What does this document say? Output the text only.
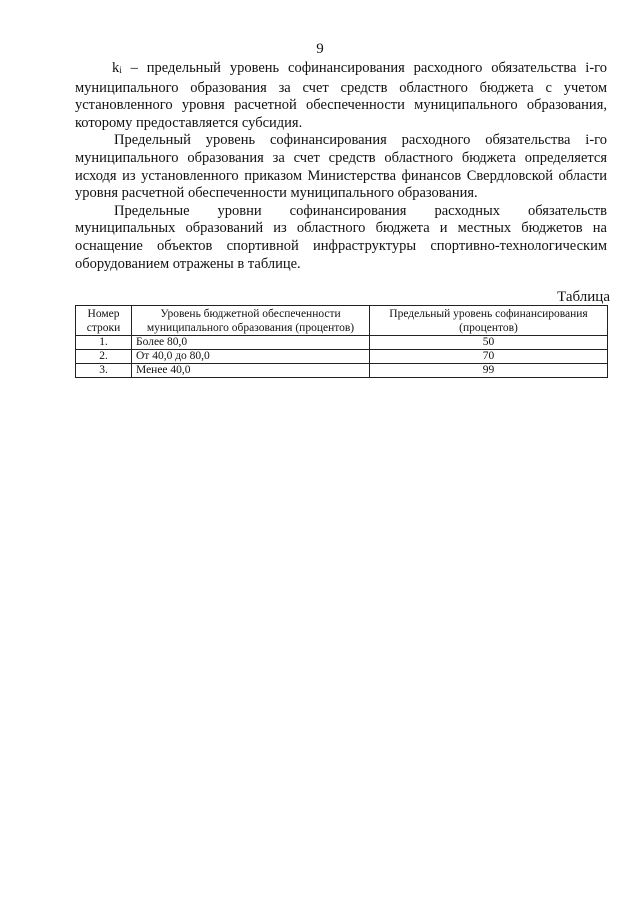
9

$k_i$ – предельный уровень софинансирования расходного обязательства i-го муниципального образования за счет средств областного бюджета с учетом установленного уровня расчетной обеспеченности муниципального образования, которому предоставляется субсидия.

Предельный уровень софинансирования расходного обязательства i-го муниципального образования за счет средств областного бюджета определяется исходя из установленного приказом Министерства финансов Свердловской области уровня расчетной обеспеченности муниципального образования.

Предельные уровни софинансирования расходных обязательств муниципальных образований из областного бюджета и местных бюджетов на оснащение объектов спортивной инфраструктуры спортивно-технологическим оборудованием отражены в таблице.

Таблица
Номер строки	Уровень бюджетной обеспеченности муниципального образования (процентов)	Предельный уровень софинансирования (процентов)
1.	Более 80,0	50
2.	От 40,0 до 80,0	70
3.	Менее 40,0	99
